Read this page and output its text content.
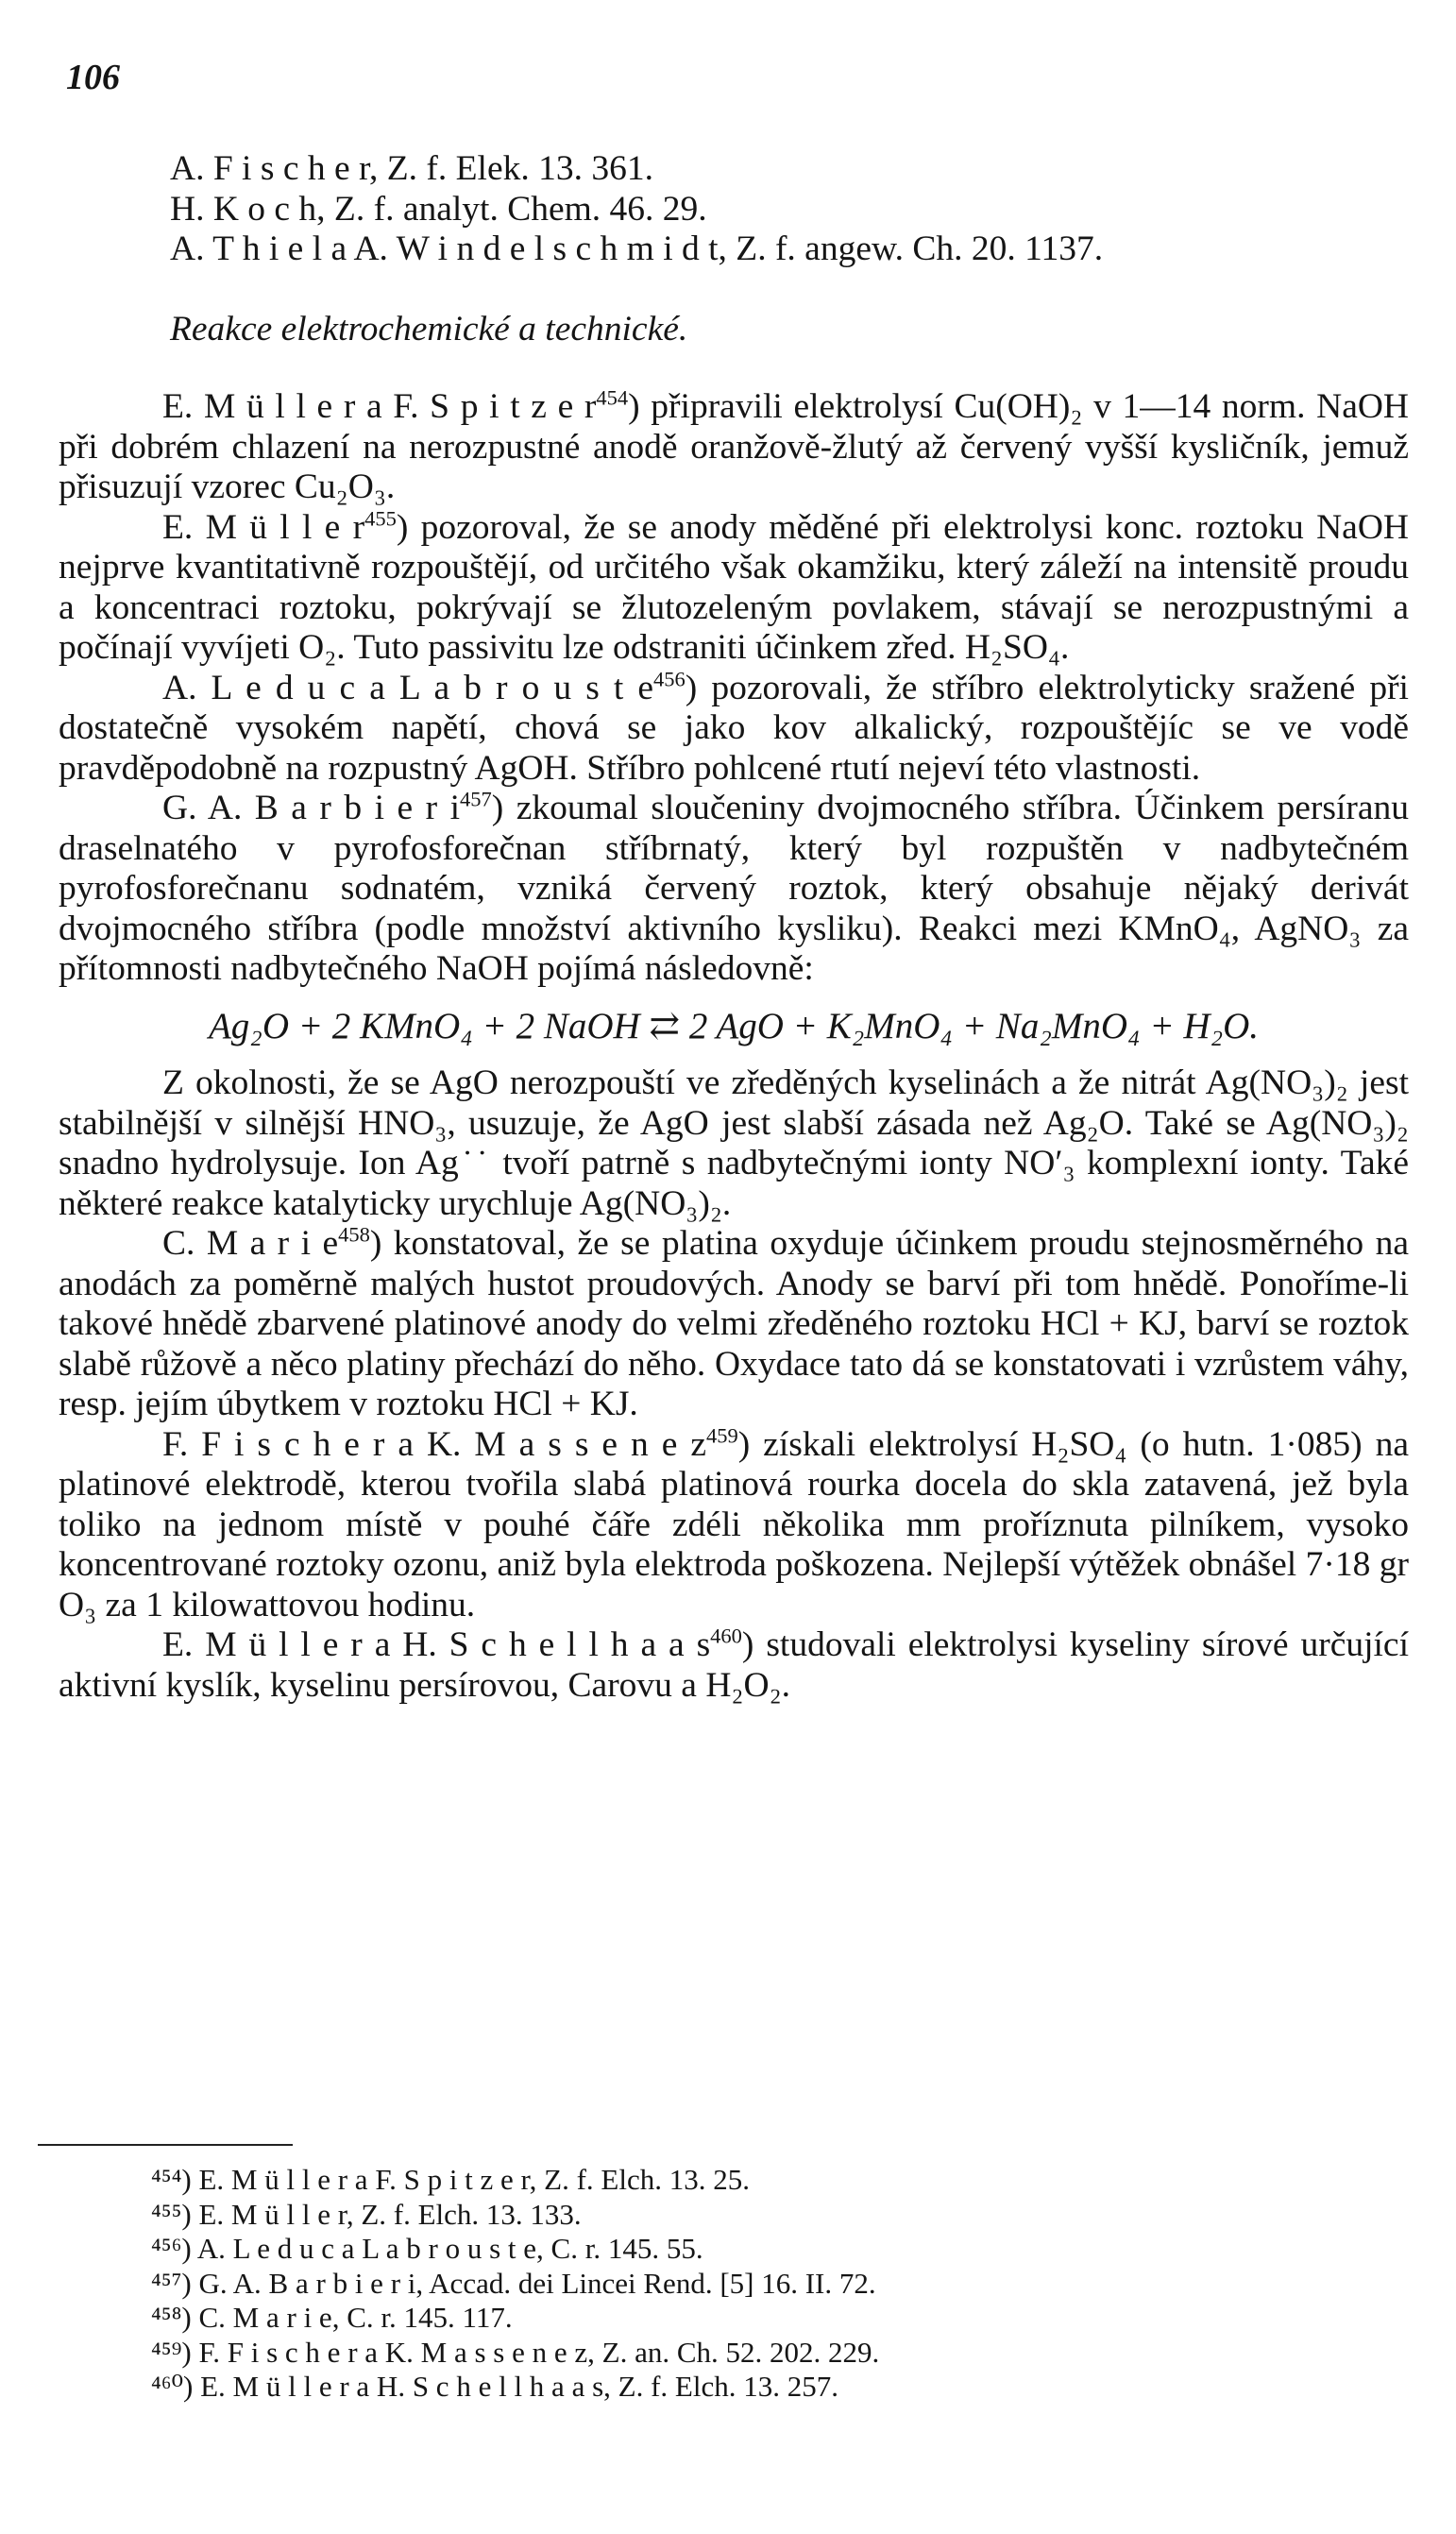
106
A. F i s c h e r, Z. f. Elek. 13. 361.
H. K o c h, Z. f. analyt. Chem. 46. 29.
A. T h i e l a A. W i n d e l s c h m i d t, Z. f. angew. Ch. 20. 1137.
Reakce elektrochemické a technické.

E. M ü l l e r a F. S p i t z e $r^{454}$) připravili elektrolysí Cu(OH)₂ v 1—14 norm. NaOH při dobrém chlazení na nerozpustné anodě oranžově-žlutý až červený vyšší kysličník, jemuž přisuzují vzorec Cu₂O₃.

E. M ü l l e $r^{455}$) pozoroval, že se anody měděné při elektrolysi konc. roztoku NaOH nejprve kvantitativně rozpouštějí, od určitého však okamžiku, který záleží na intensitě proudu a koncentraci roztoku, pokrývají se žlutozeleným povlakem, stávají se nerozpustnými a počínají vyvíjeti O₂. Tuto passivitu lze odstraniti účinkem zřed. H₂SO₄.

A. L e d u c a L a b r o u s t $e^{456}$) pozorovali, že stříbro elektrolyticky sražené při dostatečně vysokém napětí, chová se jako kov alkalický, rozpouštějíc se ve vodě pravděpodobně na rozpustný AgOH. Stříbro pohlcené rtutí nejeví této vlastnosti.

G. A. B a r b i e r $i^{457}$) zkoumal sloučeniny dvojmocného stříbra. Účinkem persíranu draselnatého v pyrofosforečnan stříbrnatý, který byl rozpuštěn v nadbytečném pyrofosforečnanu sodnatém, vzniká červený roztok, který obsahuje nějaký derivát dvojmocného stříbra (podle množství aktivního kysliku). Reakci mezi KMnO₄, AgNO₃ za přítomnosti nadbytečného NaOH pojímá následovně:

Ag₂O + 2 KMnO₄ + 2 NaOH ⇄ 2 AgO + K₂MnO₄ + Na₂MnO₄ + H₂O.

Z okolnosti, že se AgO nerozpouští ve zředěných kyselinách a že nitrát Ag(NO₃)₂ jest stabilnější v silnější HNO₃, usuzuje, že AgO jest slabší zásada než Ag₂O. Také se Ag(NO₃)₂ snadno hydrolysuje. Ion Ag˙˙ tvoří patrně s nadbytečnými ionty NO′₃ komplexní ionty. Také některé reakce katalyticky urychluje Ag(NO₃)₂.

C. M a r i $e^{458}$) konstatoval, že se platina oxyduje účinkem proudu stejnosměrného na anodách za poměrně malých hustot proudových. Anody se barví při tom hnědě. Ponoříme-li takové hnědě zbarvené platinové anody do velmi zředěného roztoku HCl + KJ, barví se roztok slabě růžově a něco platiny přechází do něho. Oxydace tato dá se konstatovati i vzrůstem váhy, resp. jejím úbytkem v roztoku HCl + KJ.

F. F i s c h e r a K. M a s s e n e $z^{459}$) získali elektrolysí H₂SO₄ (o hutn. 1·085) na platinové elektrodě, kterou tvořila slabá platinová rourka docela do skla zatavená, jež byla toliko na jednom místě v pouhé čáře zdéli několika mm proříznuta pilníkem, vysoko koncentrované roztoky ozonu, aniž byla elektroda poškozena. Nejlepší výtěžek obnášel 7·18 gr O₃ za 1 kilowattovou hodinu.

E. M ü l l e r a H. S c h e l l h a a $s^{460}$) studovali elektrolysi kyseliny sírové určující aktivní kyslík, kyselinu persírovou, Carovu a H₂O₂.

⁴⁵⁴) E. M ü l l e r a F. S p i t z e r, Z. f. Elch. 13. 25.
⁴⁵⁵) E. M ü l l e r, Z. f. Elch. 13. 133.
⁴⁵⁶) A. L e d u c a L a b r o u s t e, C. r. 145. 55.
⁴⁵⁷) G. A. B a r b i e r i, Accad. dei Lincei Rend. [5] 16. II. 72.
⁴⁵⁸) C. M a r i e, C. r. 145. 117.
⁴⁵⁹) F. F i s c h e r a K. M a s s e n e z, Z. an. Ch. 52. 202. 229.
⁴⁶⁰) E. M ü l l e r a H. S c h e l l h a a s, Z. f. Elch. 13. 257.
